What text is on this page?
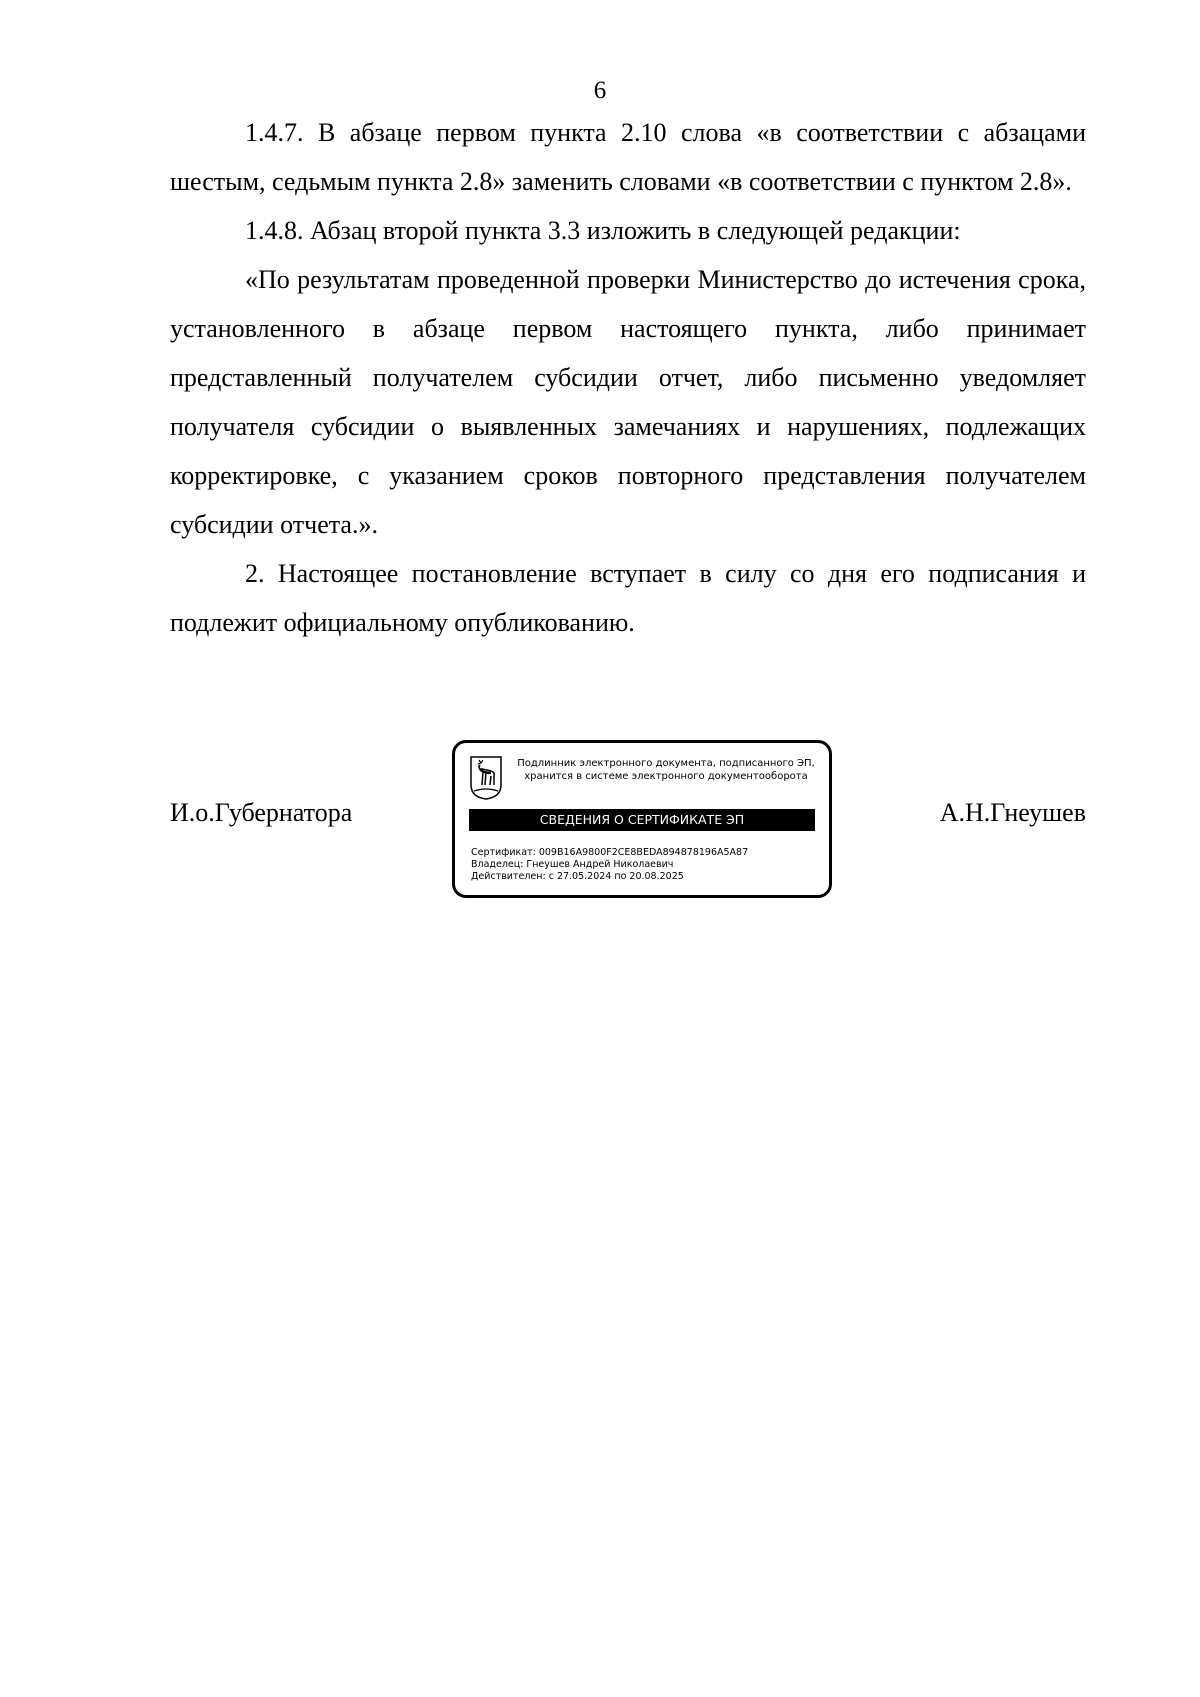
6

1.4.7. В абзаце первом пункта 2.10 слова «в соответствии с абзацами шестым, седьмым пункта 2.8» заменить словами «в соответствии с пунктом 2.8».

1.4.8. Абзац второй пункта 3.3 изложить в следующей редакции:

«По результатам проведенной проверки Министерство до истечения срока, установленного в абзаце первом настоящего пункта, либо принимает представленный получателем субсидии отчет, либо письменно уведомляет получателя субсидии о выявленных замечаниях и нарушениях, подлежащих корректировке, с указанием сроков повторного представления получателем субсидии отчета.».

2. Настоящее постановление вступает в силу со дня его подписания и подлежит официальному опубликованию.

И.о.Губернатора
Подлинник электронного документа, подписанного ЭП,
хранится в системе электронного документооборота
СВЕДЕНИЯ О СЕРТИФИКАТЕ ЭП
Сертификат: 009B16A9800F2CE8BEDA894878196A5A87
Владелец: Гнеушев Андрей Николаевич
Действителен: с 27.05.2024 по 20.08.2025
А.Н.Гнеушев
